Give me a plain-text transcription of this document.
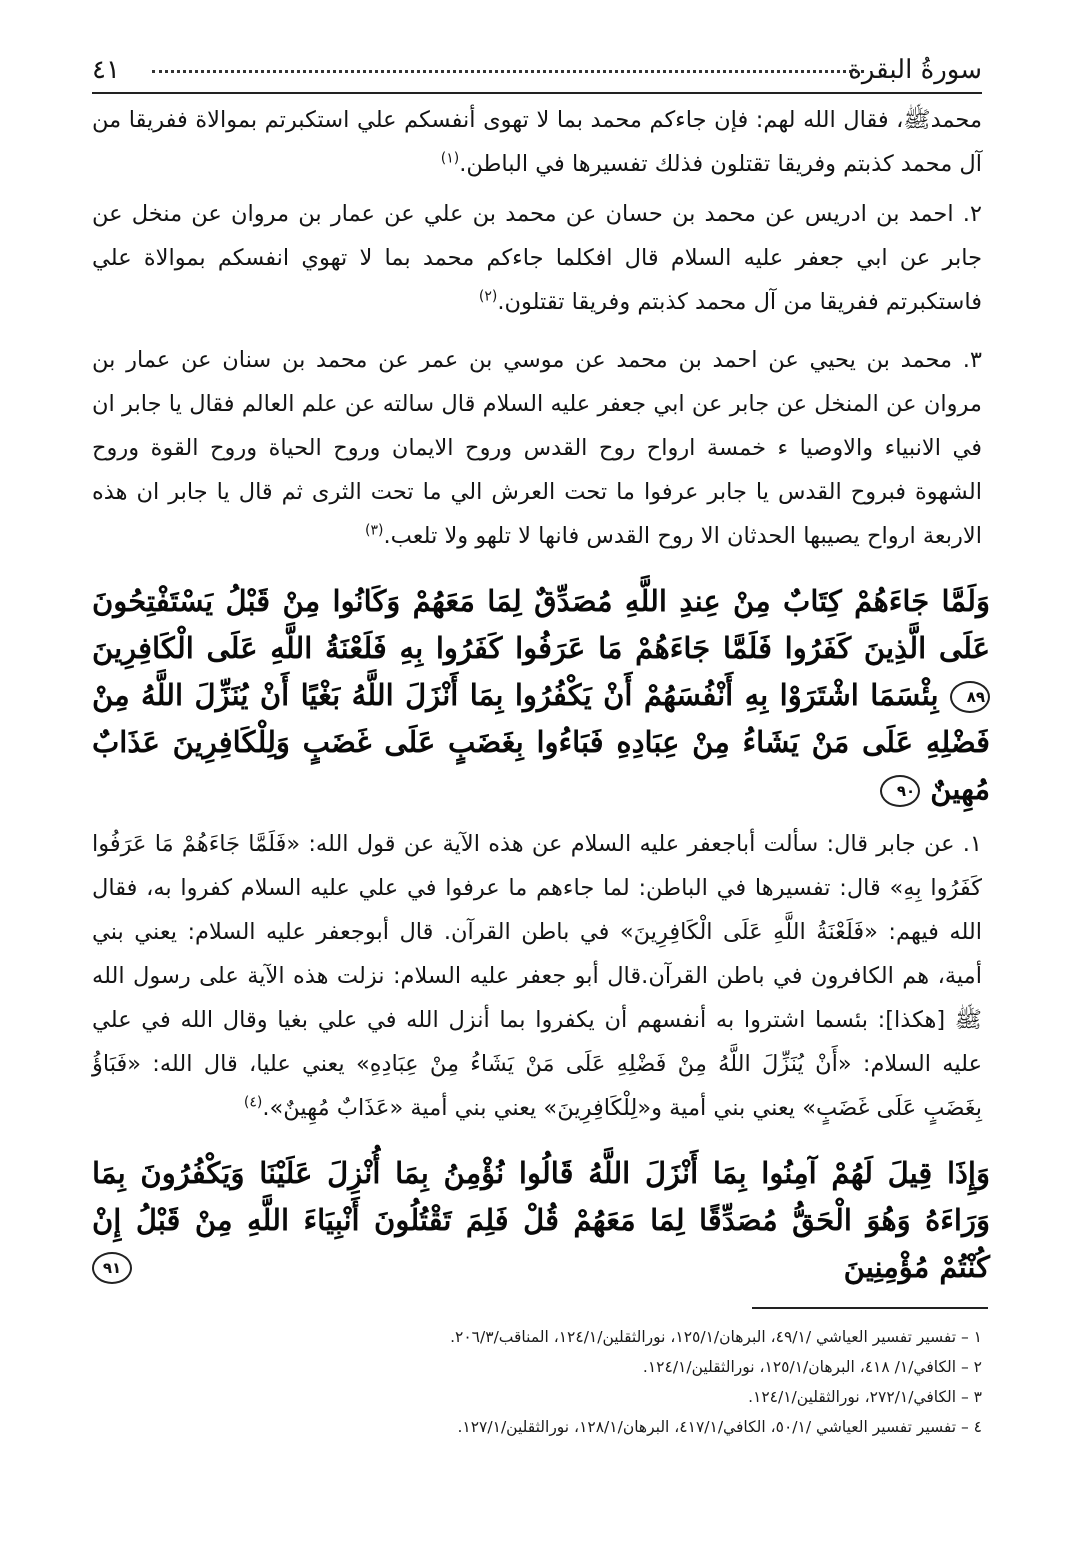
سورةُ البقرة
٤١
محمدﷺ، فقال الله لهم: فإن جاءكم محمد بما لا تهوى أنفسكم علي استكبرتم بموالاة ففريقا من آل محمد كذبتم وفريقا تقتلون فذلك تفسيرها في الباطن.$^{(١)}$
٢. احمد بن ادريس عن محمد بن حسان عن محمد بن علي عن عمار بن مروان عن منخل عن جابر عن ابي جعفر عليه السلام قال افكلما جاءكم محمد بما لا تهوي انفسكم بموالاة علي فاستكبرتم ففريقا من آل محمد كذبتم وفريقا تقتلون.$^{(٢)}$
٣. محمد بن يحيي عن احمد بن محمد عن موسي بن عمر عن محمد بن سنان عن عمار بن مروان عن المنخل عن جابر عن ابي جعفر عليه السلام قال سالته عن علم العالم فقال يا جابر ان في الانبياء والاوصيا ء خمسة ارواح روح القدس وروح الايمان وروح الحياة وروح القوة وروح الشهوة فبروح القدس يا جابر عرفوا ما تحت العرش الي ما تحت الثرى ثم قال يا جابر ان هذه الاربعة ارواح يصيبها الحدثان الا روح القدس فانها لا تلهو ولا تلعب.$^{(٣)}$
وَلَمَّا جَاءَهُمْ كِتَابٌ مِنْ عِندِ اللَّهِ مُصَدِّقٌ لِمَا مَعَهُمْ وَكَانُوا مِنْ قَبْلُ يَسْتَفْتِحُونَ عَلَى الَّذِينَ كَفَرُوا فَلَمَّا جَاءَهُمْ مَا عَرَفُوا كَفَرُوا بِهِ فَلَعْنَةُ اللَّهِ عَلَى الْكَافِرِينَ ٨٩ بِئْسَمَا اشْتَرَوْا بِهِ أَنْفُسَهُمْ أَنْ يَكْفُرُوا بِمَا أَنْزَلَ اللَّهُ بَغْيًا أَنْ يُنَزِّلَ اللَّهُ مِنْ فَضْلِهِ عَلَى مَنْ يَشَاءُ مِنْ عِبَادِهِ فَبَاءُوا بِغَضَبٍ عَلَى غَضَبٍ وَلِلْكَافِرِينَ عَذَابٌ مُهِينٌ ٩٠
١. عن جابر قال: سألت أباجعفر عليه السلام عن هذه الآية عن قول الله: «فَلَمَّا جَاءَهُمْ مَا عَرَفُوا كَفَرُوا بِهِ» قال: تفسيرها في الباطن: لما جاءهم ما عرفوا في علي عليه السلام كفروا به، فقال الله فيهم: «فَلَعْنَةُ اللَّهِ عَلَى الْكَافِرِينَ» في باطن القرآن. قال أبوجعفر عليه السلام: يعني بني أمية، هم الكافرون في باطن القرآن.قال أبو جعفر عليه السلام: نزلت هذه الآية على رسول الله ﷺ [هكذا]: بئسما اشتروا به أنفسهم أن يكفروا بما أنزل الله في علي بغيا وقال الله في علي عليه السلام: «أَنْ يُنَزِّلَ اللَّهُ مِنْ فَضْلِهِ عَلَى مَنْ يَشَاءُ مِنْ عِبَادِهِ» يعني عليا، قال الله: «فَبَاؤُ بِغَضَبٍ عَلَى غَضَبٍ» يعني بني أمية و«لِلْكَافِرِينَ» يعني بني أمية «عَذَابٌ مُهِينٌ».$^{(٤)}$
وَإِذَا قِيلَ لَهُمْ آمِنُوا بِمَا أَنْزَلَ اللَّهُ قَالُوا نُؤْمِنُ بِمَا أُنْزِلَ عَلَيْنَا وَيَكْفُرُونَ بِمَا وَرَاءَهُ وَهُوَ الْحَقُّ مُصَدِّقًا لِمَا مَعَهُمْ قُلْ فَلِمَ تَقْتُلُونَ أَنْبِيَاءَ اللَّهِ مِنْ قَبْلُ إِنْ كُنْتُمْ مُؤْمِنِينَ
٩١
١ – تفسير تفسير العياشي /٤٩/١، البرهان/١٢٥/١، نورالثقلين/١٢٤/١، المناقب/٢٠٦/٣.
٢ – الكافي/١/ ٤١٨، البرهان/١٢٥/١، نورالثقلين/١٢٤/١.
٣ – الكافي/٢٧٢/١، نورالثقلين/١٢٤/١.
٤ – تفسير تفسير العياشي /٥٠/١، الكافي/٤١٧/١، البرهان/١٢٨/١، نورالثقلين/١٢٧/١.
